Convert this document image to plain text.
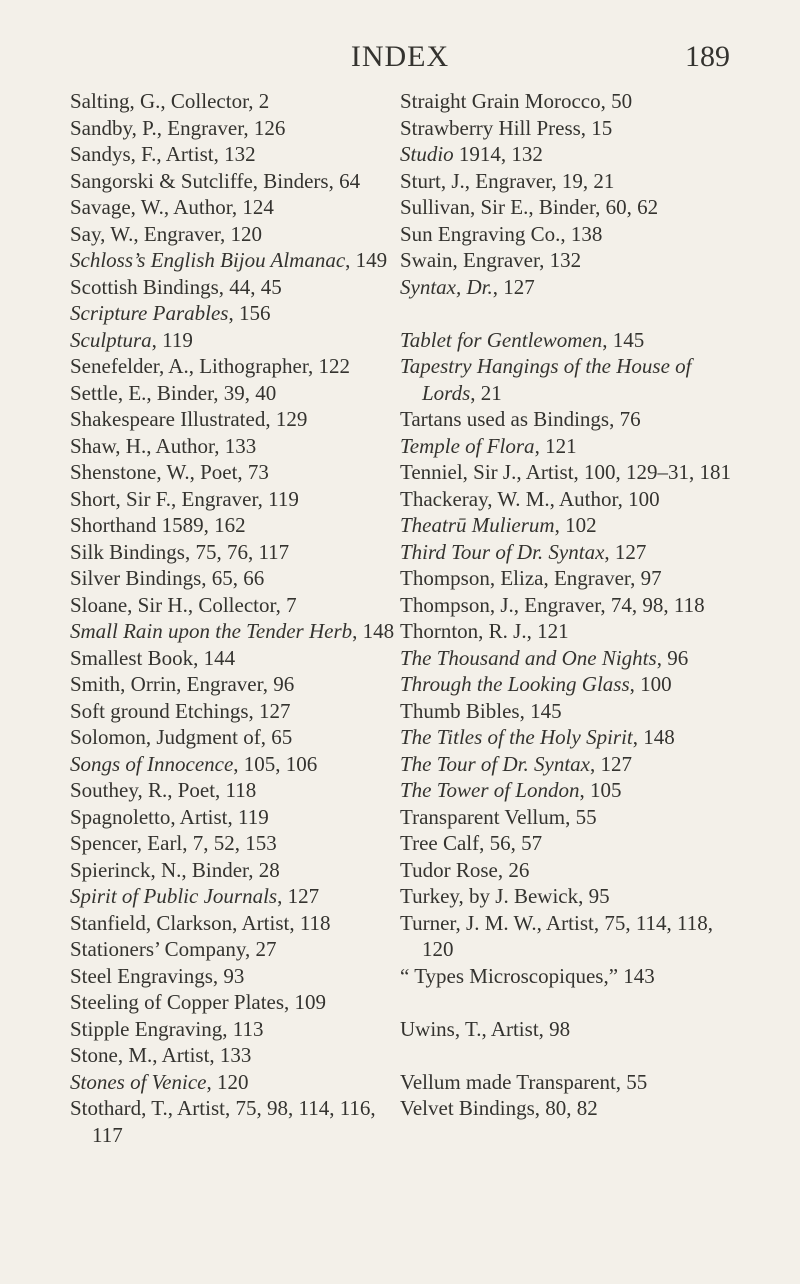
INDEX	189
Salting, G., Collector, 2
Sandby, P., Engraver, 126
Sandys, F., Artist, 132
Sangorski & Sutcliffe, Binders, 64
Savage, W., Author, 124
Say, W., Engraver, 120
Schloss’s English Bijou Almanac, 149
Scottish Bindings, 44, 45
Scripture Parables, 156
Sculptura, 119
Senefelder, A., Lithographer, 122
Settle, E., Binder, 39, 40
Shakespeare Illustrated, 129
Shaw, H., Author, 133
Shenstone, W., Poet, 73
Short, Sir F., Engraver, 119
Shorthand 1589, 162
Silk Bindings, 75, 76, 117
Silver Bindings, 65, 66
Sloane, Sir H., Collector, 7
Small Rain upon the Tender Herb, 148
Smallest Book, 144
Smith, Orrin, Engraver, 96
Soft ground Etchings, 127
Solomon, Judgment of, 65
Songs of Innocence, 105, 106
Southey, R., Poet, 118
Spagnoletto, Artist, 119
Spencer, Earl, 7, 52, 153
Spierinck, N., Binder, 28
Spirit of Public Journals, 127
Stanfield, Clarkson, Artist, 118
Stationers’ Company, 27
Steel Engravings, 93
Steeling of Copper Plates, 109
Stipple Engraving, 113
Stone, M., Artist, 133
Stones of Venice, 120
Stothard, T., Artist, 75, 98, 114, 116, 117
Straight Grain Morocco, 50
Strawberry Hill Press, 15
Studio 1914, 132
Sturt, J., Engraver, 19, 21
Sullivan, Sir E., Binder, 60, 62
Sun Engraving Co., 138
Swain, Engraver, 132
Syntax, Dr., 127
Tablet for Gentlewomen, 145
Tapestry Hangings of the House of Lords, 21
Tartans used as Bindings, 76
Temple of Flora, 121
Tenniel, Sir J., Artist, 100, 129–31, 181
Thackeray, W. M., Author, 100
Theatrū Mulierum, 102
Third Tour of Dr. Syntax, 127
Thompson, Eliza, Engraver, 97
Thompson, J., Engraver, 74, 98, 118
Thornton, R. J., 121
The Thousand and One Nights, 96
Through the Looking Glass, 100
Thumb Bibles, 145
The Titles of the Holy Spirit, 148
The Tour of Dr. Syntax, 127
The Tower of London, 105
Transparent Vellum, 55
Tree Calf, 56, 57
Tudor Rose, 26
Turkey, by J. Bewick, 95
Turner, J. M. W., Artist, 75, 114, 118, 120
“ Types Microscopiques,” 143
Uwins, T., Artist, 98
Vellum made Transparent, 55
Velvet Bindings, 80, 82
